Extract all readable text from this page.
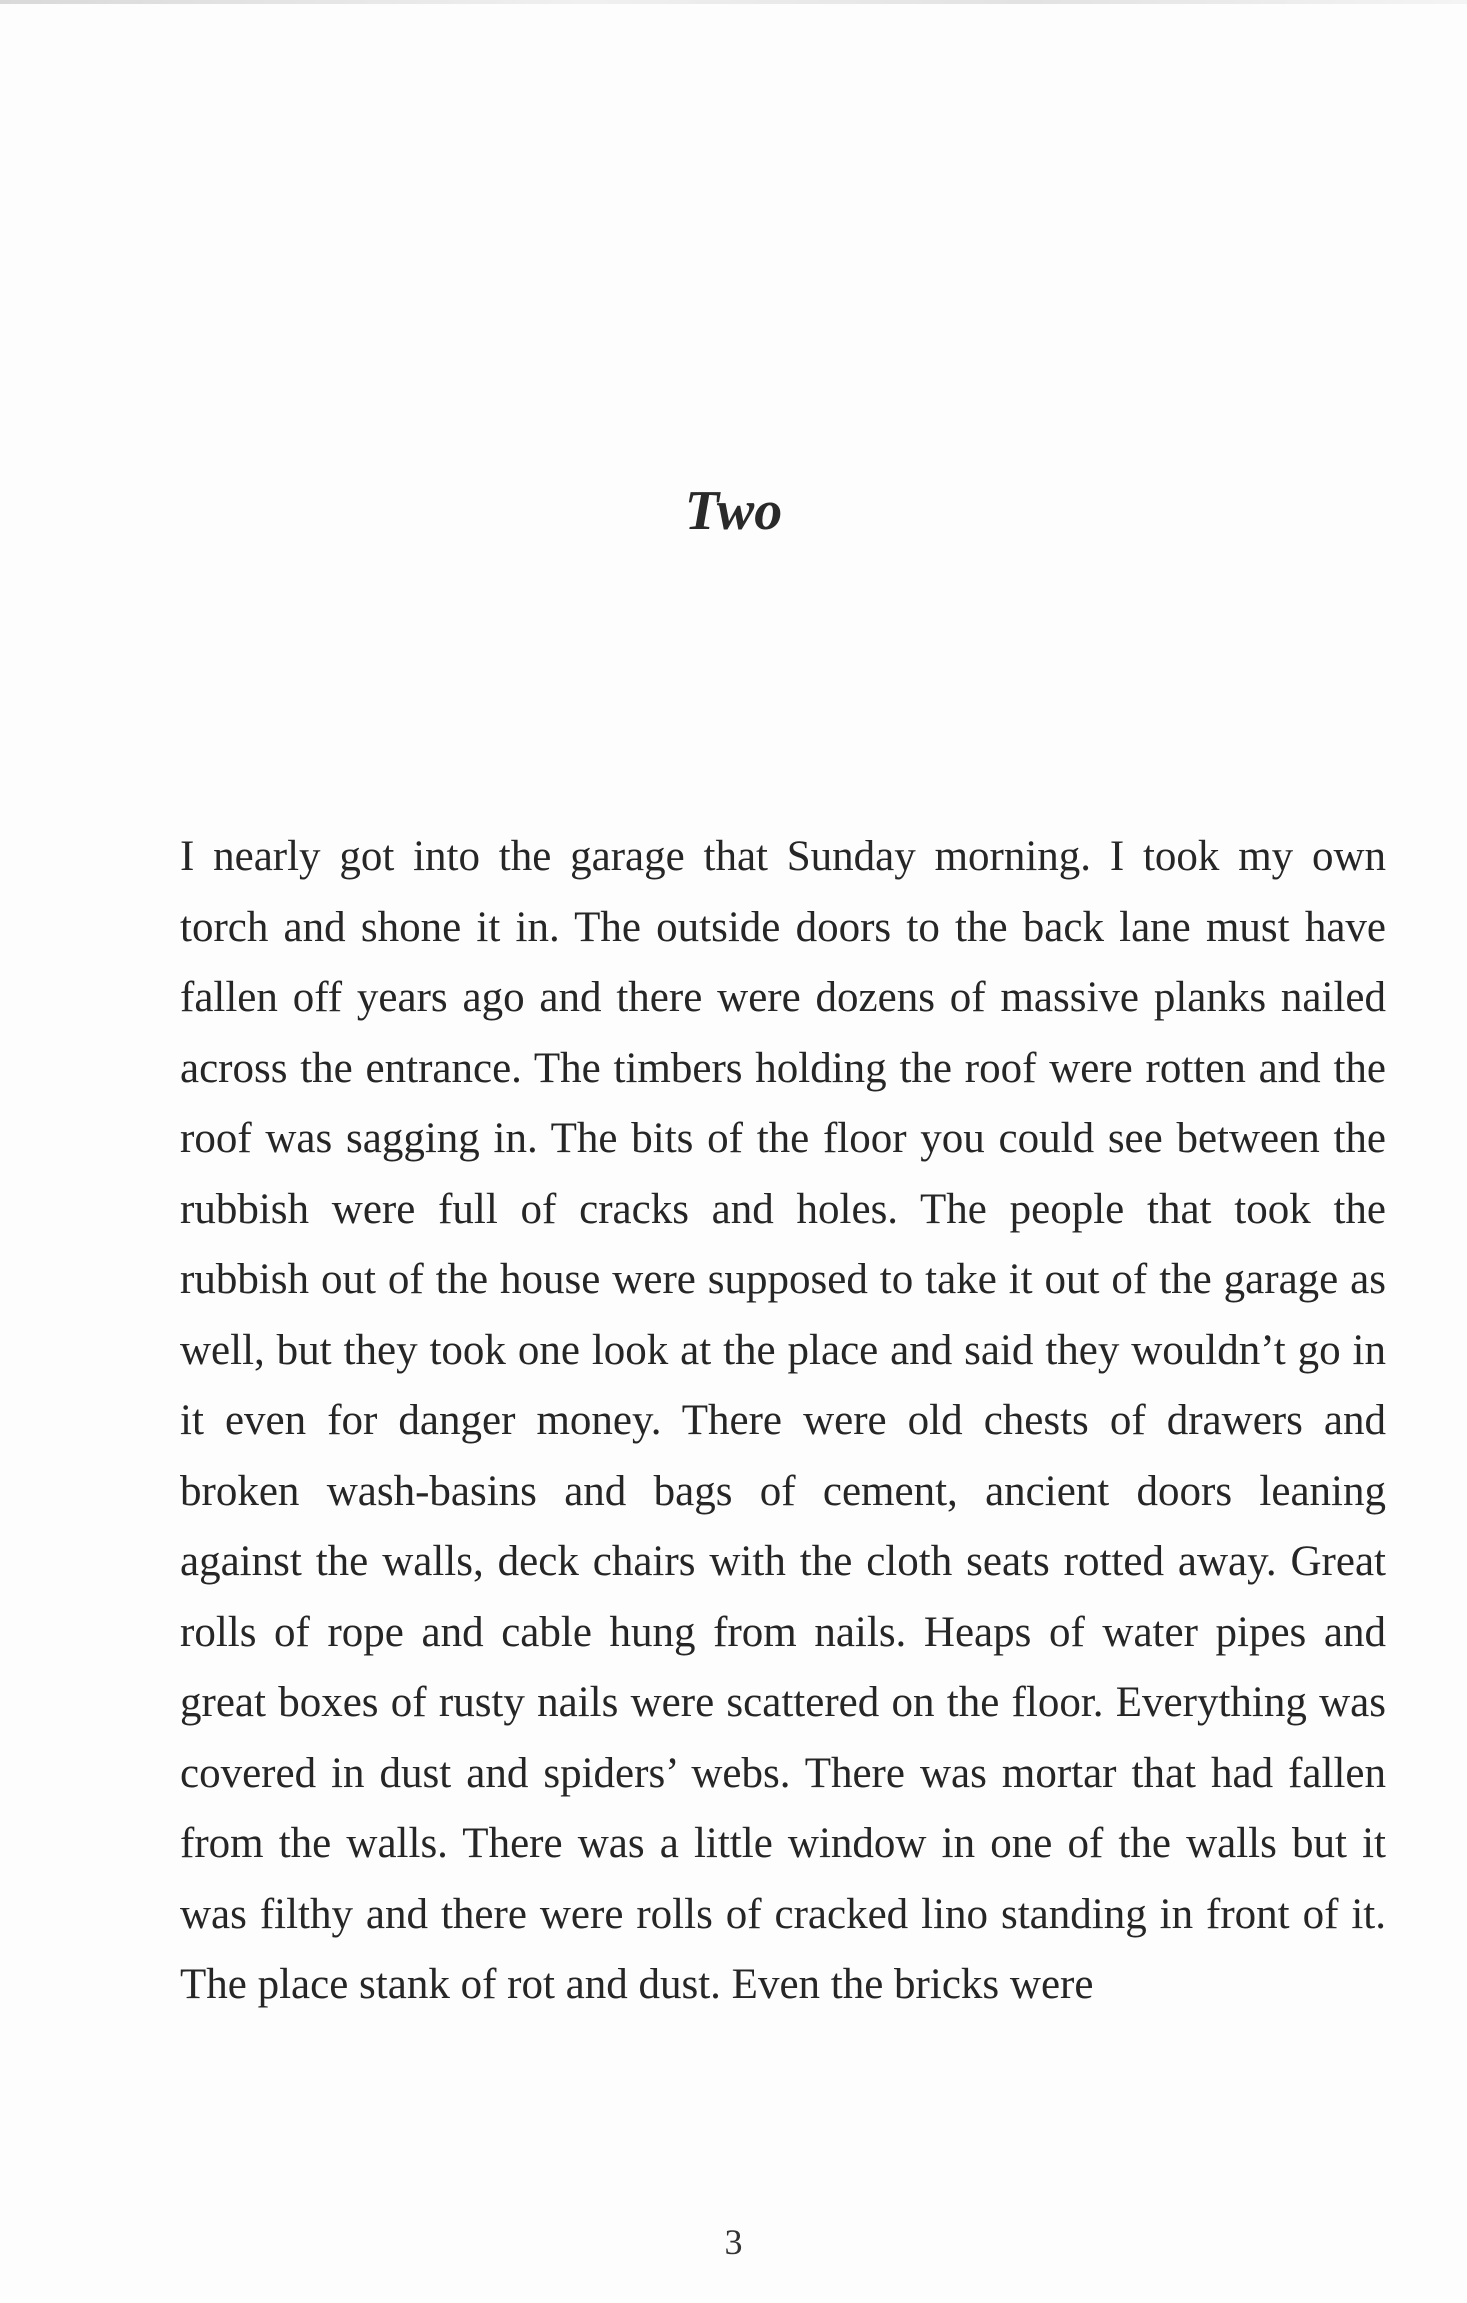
Two

I nearly got into the garage that Sunday morning. I took my own torch and shone it in. The outside doors to the back lane must have fallen off years ago and there were dozens of massive planks nailed across the entrance. The timbers holding the roof were rotten and the roof was sagging in. The bits of the floor you could see between the rubbish were full of cracks and holes. The people that took the rubbish out of the house were supposed to take it out of the garage as well, but they took one look at the place and said they wouldn’t go in it even for danger money. There were old chests of drawers and broken wash-basins and bags of cement, ancient doors leaning against the walls, deck chairs with the cloth seats rotted away. Great rolls of rope and cable hung from nails. Heaps of water pipes and great boxes of rusty nails were scattered on the floor. Everything was covered in dust and spiders’ webs. There was mortar that had fallen from the walls. There was a little window in one of the walls but it was filthy and there were rolls of cracked lino standing in front of it. The place stank of rot and dust. Even the bricks were

3
